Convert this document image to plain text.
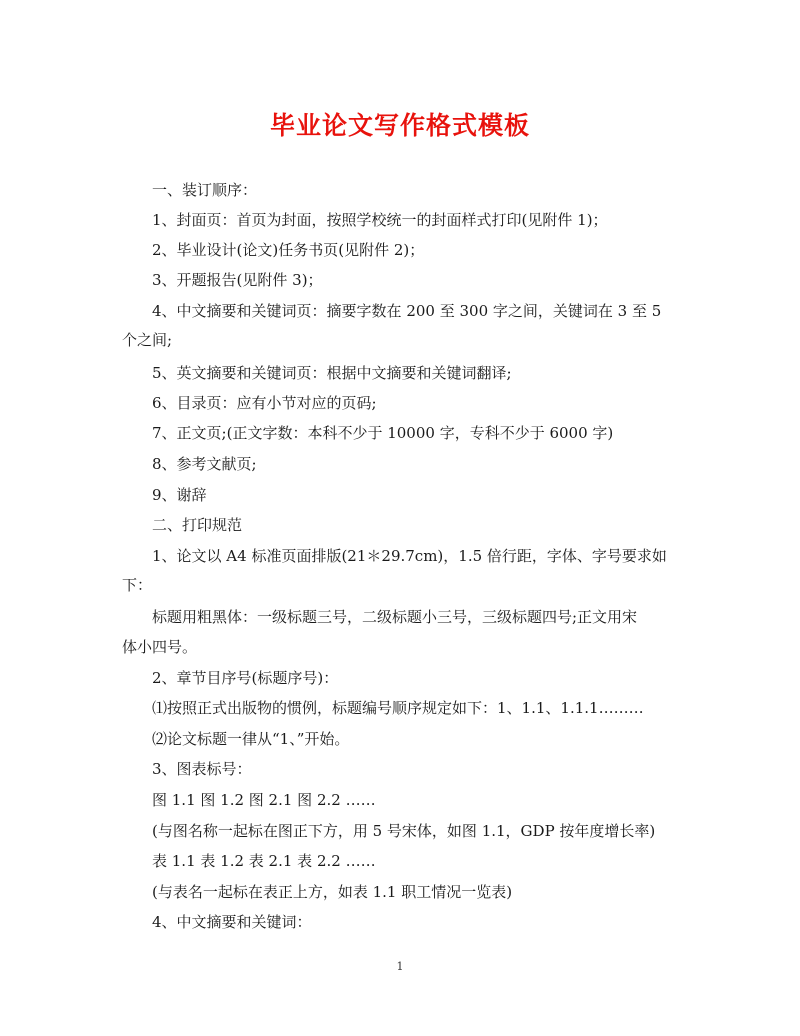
毕业论文写作格式模板
一、装订顺序：
1、封面页：首页为封面，按照学校统一的封面样式打印(见附件 1)；
2、毕业设计(论文)任务书页(见附件 2)；
3、开题报告(见附件 3)；
4、中文摘要和关键词页：摘要字数在 200 至 300 字之间，关键词在 3 至 5
个之间;
5、英文摘要和关键词页：根据中文摘要和关键词翻译;
6、目录页：应有小节对应的页码;
7、正文页;(正文字数：本科不少于 10000 字，专科不少于 6000 字)
8、参考文献页;
9、谢辞
二、打印规范
1、论文以 A4 标准页面排版(21＊29.7cm)，1.5 倍行距，字体、字号要求如
下：
标题用粗黑体：一级标题三号，二级标题小三号，三级标题四号;正文用宋
体小四号。
2、章节目序号(标题序号)：
⑴按照正式出版物的惯例，标题编号顺序规定如下：1、1.1、1.1.1………
⑵论文标题一律从“1、”开始。
3、图表标号：
图 1.1 图 1.2 图 2.1 图 2.2 ……
(与图名称一起标在图正下方，用 5 号宋体，如图 1.1，GDP 按年度增长率)
表 1.1 表 1.2 表 2.1 表 2.2 ……
(与表名一起标在表正上方，如表 1.1 职工情况一览表)
4、中文摘要和关键词：
1
